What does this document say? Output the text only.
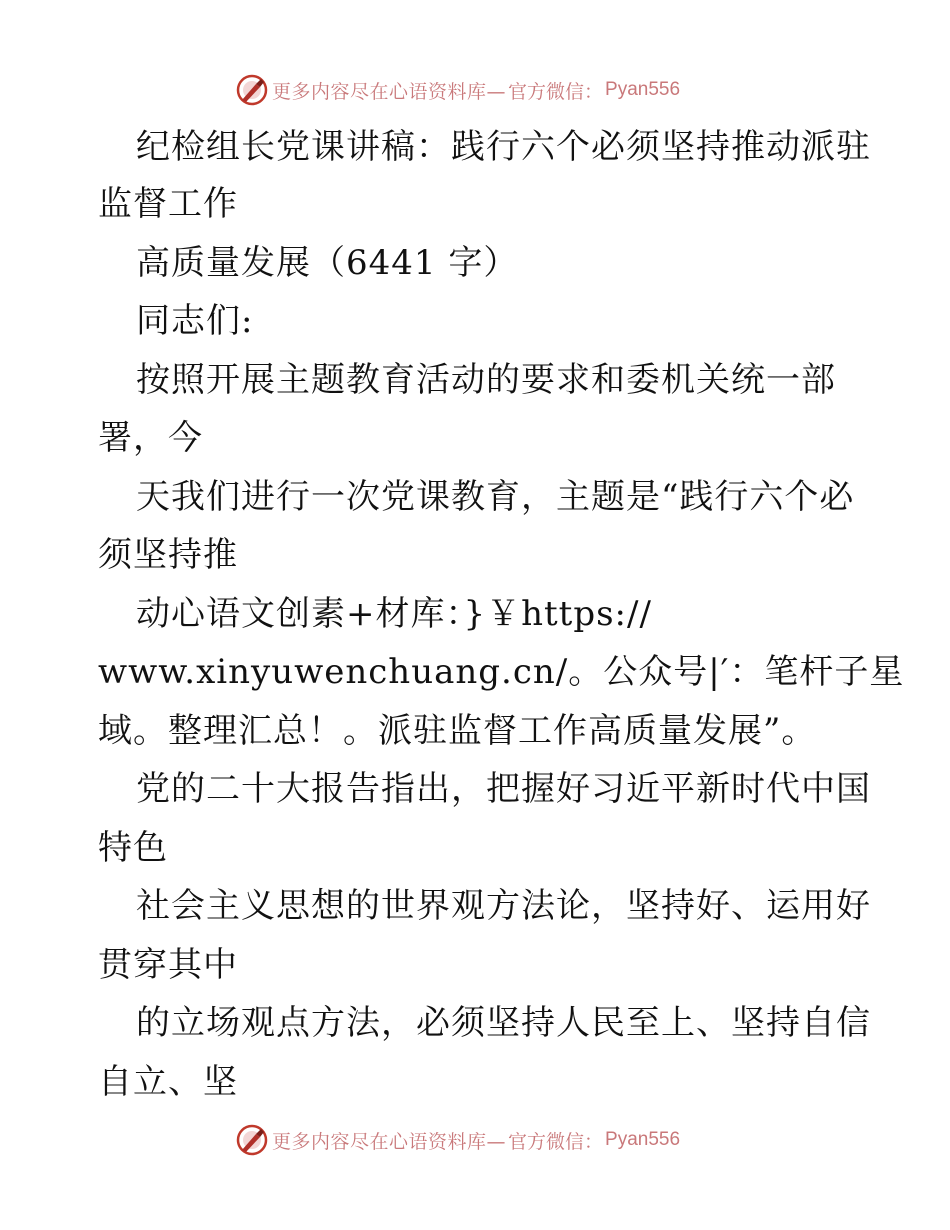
更多内容尽在心语资料库— 官方微信： Pyan556
纪检组长党课讲稿：践行六个必须坚持推动派驻
监督工作
高质量发展（6441 字）
同志们:
按照开展主题教育活动的要求和委机关统一部
署，今
天我们进行一次党课教育，主题是“践行六个必
须坚持推
动心语文创素+材库：}￥https://
www.xinyuwenchuang.cn/。公众号|′：笔杆子星
域。整理汇总！。派驻监督工作高质量发展”。
党的二十大报告指出，把握好习近平新时代中国
特色
社会主义思想的世界观方法论，坚持好、运用好
贯穿其中
的立场观点方法，必须坚持人民至上、坚持自信
自立、坚
更多内容尽在心语资料库— 官方微信： Pyan556
